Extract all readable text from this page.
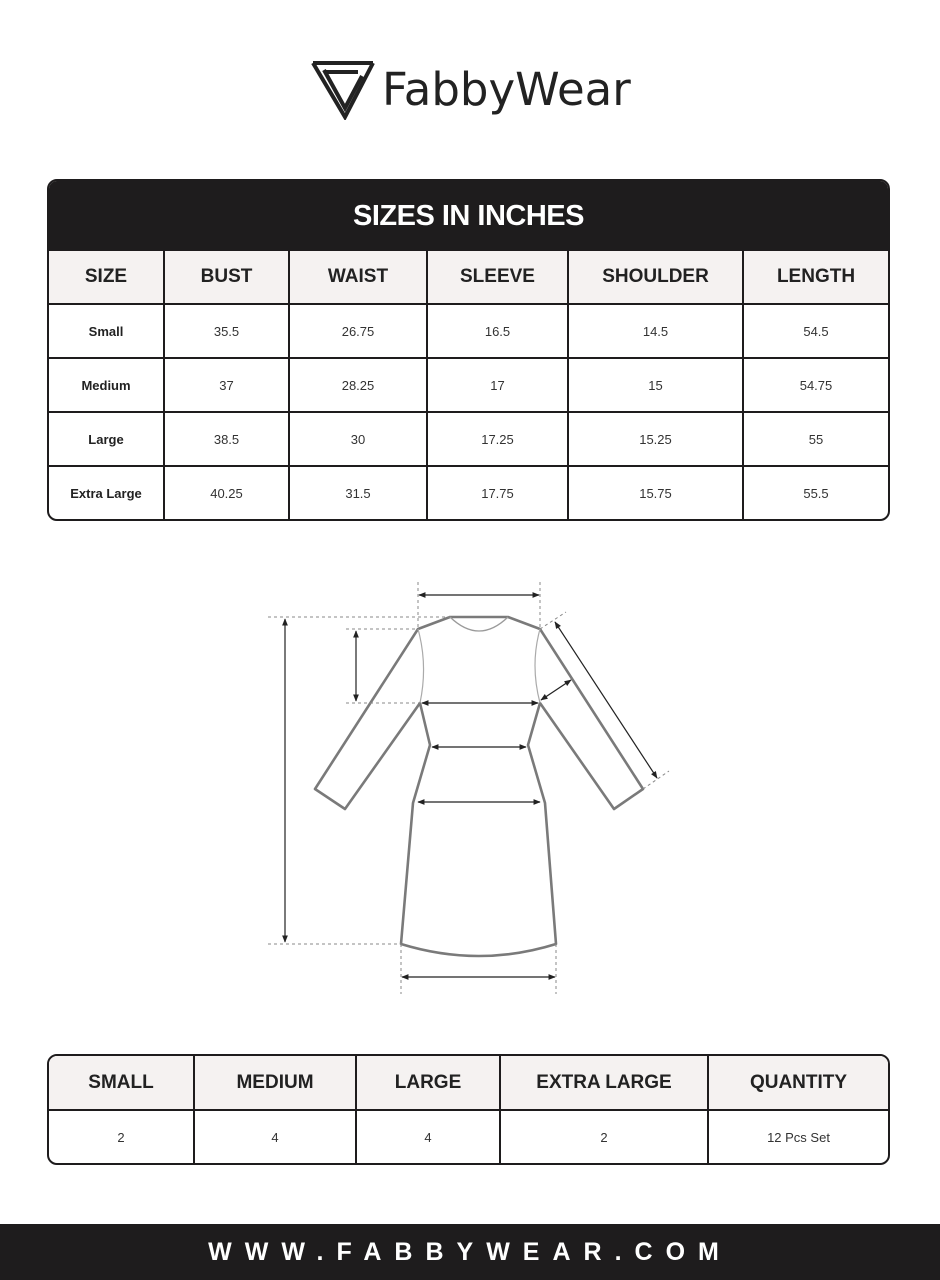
FabbyWear
SIZES IN INCHES
SIZE	BUST	WAIST	SLEEVE	SHOULDER	LENGTH
Small	35.5	26.75	16.5	14.5	54.5
Medium	37	28.25	17	15	54.75
Large	38.5	30	17.25	15.25	55
Extra Large	40.25	31.5	17.75	15.75	55.5
SMALL	MEDIUM	LARGE	EXTRA LARGE	QUANTITY
2	4	4	2	12 Pcs Set
WWW.FABBYWEAR.COM
